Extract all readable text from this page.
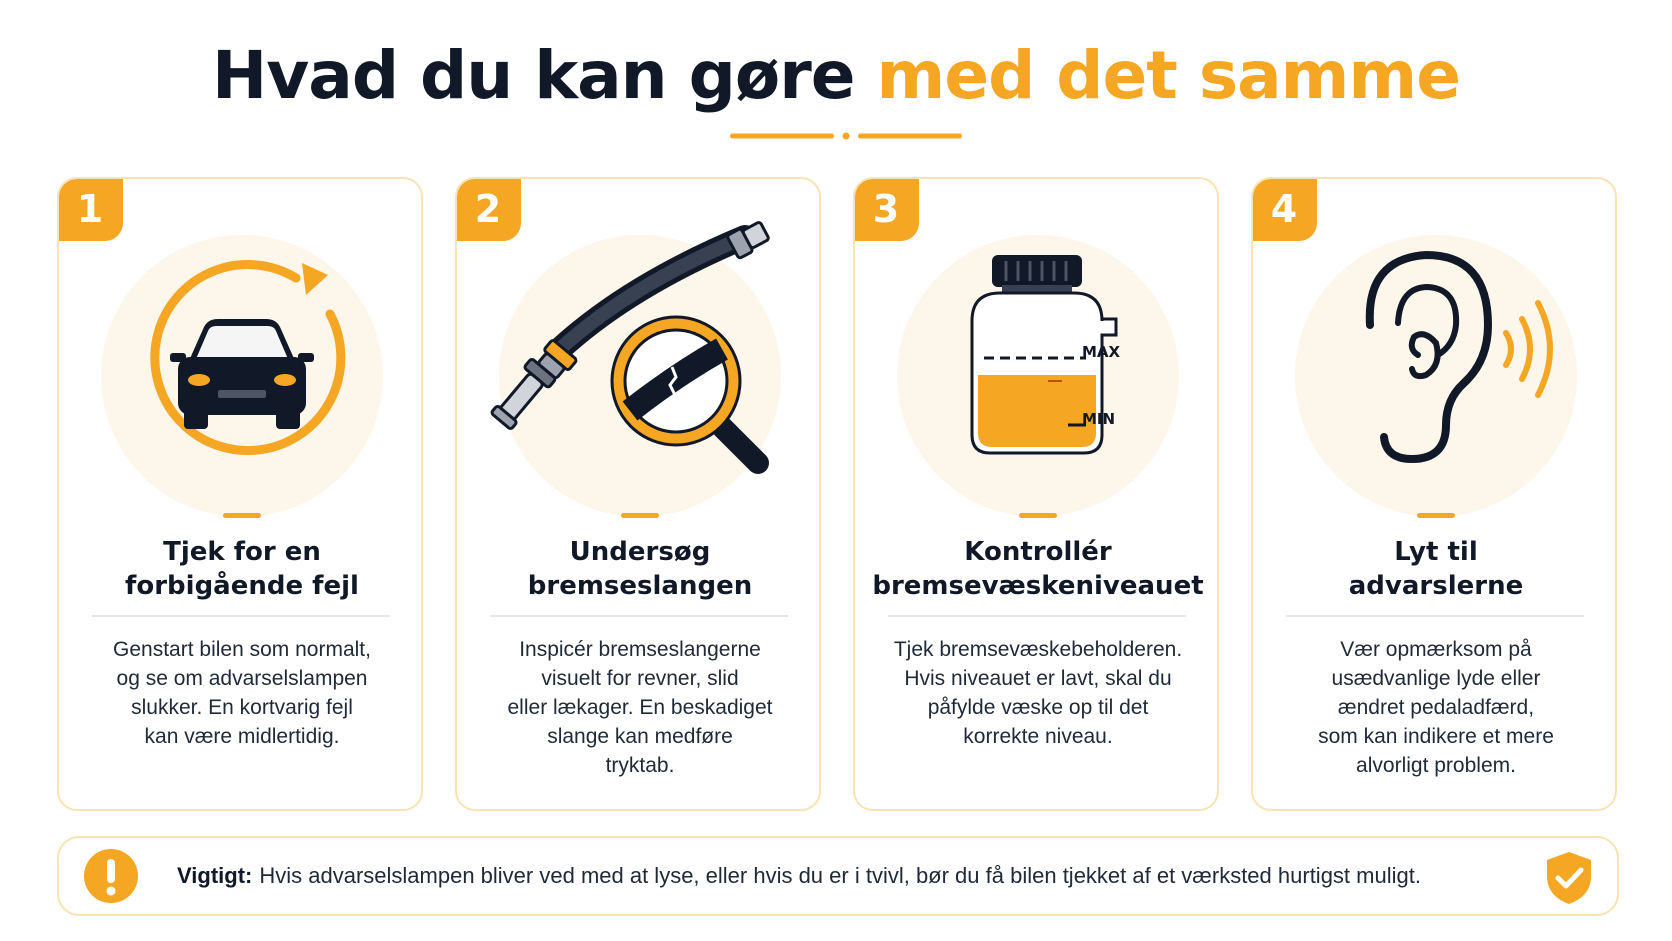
Hvad du kan gøre med det samme
1
Tjek for en
forbigående fejl
Genstart bilen som normalt,
og se om advarselslampen
slukker. En kortvarig fejl
kan være midlertidig.
2
Undersøg
bremseslangen
Inspicér bremseslangerne
visuelt for revner, slid
eller lækager. En beskadiget
slange kan medføre
tryktab.
3
MAX
MIN
Kontrollér
bremsevæskeniveauet
Tjek bremsevæskebeholderen.
Hvis niveauet er lavt, skal du
påfylde væske op til det
korrekte niveau.
4
Lyt til
advarslerne
Vær opmærksom på
usædvanlige lyde eller
ændret pedaladfærd,
som kan indikere et mere
alvorligt problem.
Vigtigt: Hvis advarselslampen bliver ved med at lyse, eller hvis du er i tvivl, bør du få bilen tjekket af et værksted hurtigst muligt.
